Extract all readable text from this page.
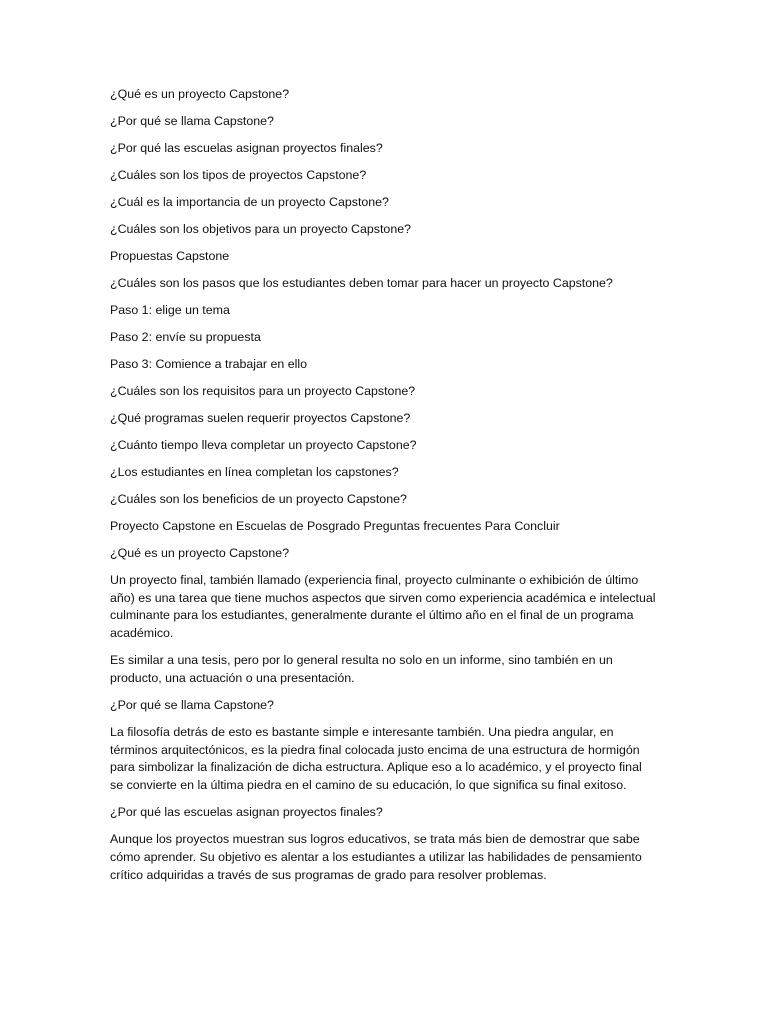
¿Qué es un proyecto Capstone?
¿Por qué se llama Capstone?
¿Por qué las escuelas asignan proyectos finales?
¿Cuáles son los tipos de proyectos Capstone?
¿Cuál es la importancia de un proyecto Capstone?
¿Cuáles son los objetivos para un proyecto Capstone?
Propuestas Capstone
¿Cuáles son los pasos que los estudiantes deben tomar para hacer un proyecto Capstone?
Paso 1: elige un tema
Paso 2: envíe su propuesta
Paso 3: Comience a trabajar en ello
¿Cuáles son los requisitos para un proyecto Capstone?
¿Qué programas suelen requerir proyectos Capstone?
¿Cuánto tiempo lleva completar un proyecto Capstone?
¿Los estudiantes en línea completan los capstones?
¿Cuáles son los beneficios de un proyecto Capstone?
Proyecto Capstone en Escuelas de Posgrado Preguntas frecuentes Para Concluir
¿Qué es un proyecto Capstone?
Un proyecto final, también llamado (experiencia final, proyecto culminante o exhibición de último año) es una tarea que tiene muchos aspectos que sirven como experiencia académica e intelectual culminante para los estudiantes, generalmente durante el último año en el final de un programa académico.
Es similar a una tesis, pero por lo general resulta no solo en un informe, sino también en un producto, una actuación o una presentación.
¿Por qué se llama Capstone?
La filosofía detrás de esto es bastante simple e interesante también. Una piedra angular, en términos arquitectónicos, es la piedra final colocada justo encima de una estructura de hormigón para simbolizar la finalización de dicha estructura. Aplique eso a lo académico, y el proyecto final se convierte en la última piedra en el camino de su educación, lo que significa su final exitoso.
¿Por qué las escuelas asignan proyectos finales?
Aunque los proyectos muestran sus logros educativos, se trata más bien de demostrar que sabe cómo aprender. Su objetivo es alentar a los estudiantes a utilizar las habilidades de pensamiento crítico adquiridas a través de sus programas de grado para resolver problemas.
